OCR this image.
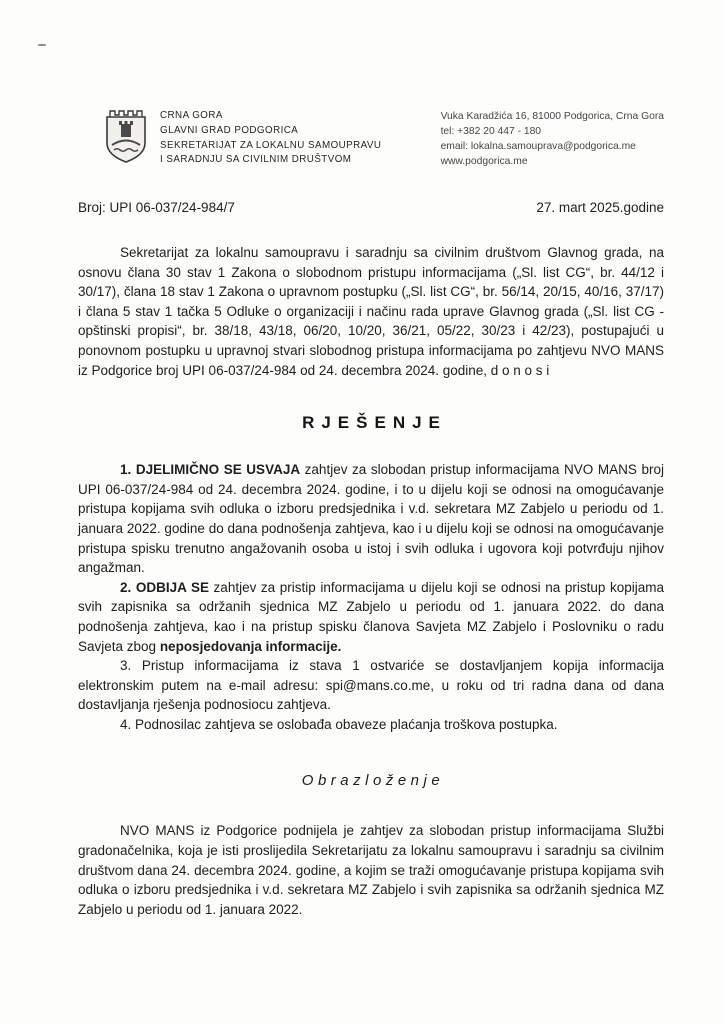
CRNA GORA
GLAVNI GRAD PODGORICA
SEKRETARIJAT ZA LOKALNU SAMOUPRAVU
I SARADNJU SA CIVILNIM DRUŠTVOM
Vuka Karadžića 16, 81000 Podgorica, Crna Gora
tel: +382 20 447 - 180
email: lokalna.samouprava@podgorica.me
www.podgorica.me
Broj: UPI 06-037/24-984/7	27. mart 2025.godine

Sekretarijat za lokalnu samoupravu i saradnju sa civilnim društvom Glavnog grada, na osnovu člana 30 stav 1 Zakona o slobodnom pristupu informacijama („Sl. list CG“, br. 44/12 i 30/17), člana 18 stav 1 Zakona o upravnom postupku („Sl. list CG“, br. 56/14, 20/15, 40/16, 37/17) i člana 5 stav 1 tačka 5 Odluke o organizaciji i načinu rada uprave Glavnog grada („Sl. list CG - opštinski propisi“, br. 38/18, 43/18, 06/20, 10/20, 36/21, 05/22, 30/23 i 42/23), postupajući u ponovnom postupku u upravnoj stvari slobodnog pristupa informacijama po zahtjevu NVO MANS iz Podgorice broj UPI 06-037/24-984 od 24. decembra 2024. godine, d o n o s i

RJEŠENJE

1. DJELIMIČNO SE USVAJA zahtjev za slobodan pristup informacijama NVO MANS broj UPI 06-037/24-984 od 24. decembra 2024. godine, i to u dijelu koji se odnosi na omogućavanje pristupa kopijama svih odluka o izboru predsjednika i v.d. sekretara MZ Zabjelo u periodu od 1. januara 2022. godine do dana podnošenja zahtjeva, kao i u dijelu koji se odnosi na omogućavanje pristupa spisku trenutno angažovanih osoba u istoj i svih odluka i ugovora koji potvrđuju njihov angažman.

2. ODBIJA SE zahtjev za pristip informacijama u dijelu koji se odnosi na pristup kopijama svih zapisnika sa održanih sjednica MZ Zabjelo u periodu od 1. januara 2022. do dana podnošenja zahtjeva, kao i na pristup spisku članova Savjeta MZ Zabjelo i Poslovniku o radu Savjeta zbog neposjedovanja informacije.

3. Pristup informacijama iz stava 1 ostvariće se dostavljanjem kopija informacija elektronskim putem na e-mail adresu: spi@mans.co.me, u roku od tri radna dana od dana dostavljanja rješenja podnosiocu zahtjeva.

4. Podnosilac zahtjeva se oslobađa obaveze plaćanja troškova postupka.

Obrazloženje

NVO MANS iz Podgorice podnijela je zahtjev za slobodan pristup informacijama Službi gradonačelnika, koja je isti proslijedila Sekretarijatu za lokalnu samoupravu i saradnju sa civilnim društvom dana 24. decembra 2024. godine, a kojim se traži omogućavanje pristupa kopijama svih odluka o izboru predsjednika i v.d. sekretara MZ Zabjelo i svih zapisnika sa održanih sjednica MZ Zabjelo u periodu od 1. januara 2022.
